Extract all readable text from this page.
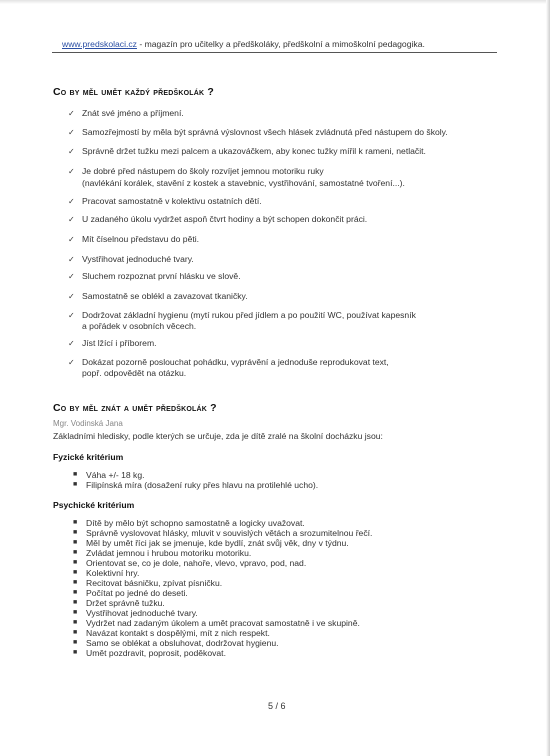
www.predskolaci.cz - magazín pro učitelky a předškoláky, předškolní a mimoškolní pedagogika.
Co by měl umět každý předškolák ?
✓ Znát své jméno a příjmení.
✓ Samozřejmostí by měla být správná výslovnost všech hlásek zvládnutá před nástupem do školy.
✓ Správně držet tužku mezi palcem a ukazováčkem, aby konec tužky mířil k rameni, netlačit.
✓ Je dobré před nástupem do školy rozvíjet jemnou motoriku ruky
(navlékání korálek, stavění z kostek a stavebnic, vystřihování, samostatné tvoření...).
✓ Pracovat samostatně v kolektivu ostatních dětí.
✓ U zadaného úkolu vydržet aspoň čtvrt hodiny a být schopen dokončit práci.
✓ Mít číselnou představu do pěti.
✓ Vystřihovat jednoduché tvary.
✓ Sluchem rozpoznat první hlásku ve slově.
✓ Samostatně se oblékl a zavazovat tkaničky.
✓ Dodržovat základní hygienu (mytí rukou před jídlem a po použití WC, používat kapesník
a pořádek v osobních věcech.
✓ Jíst lžící i příborem.
✓ Dokázat pozorně poslouchat pohádku, vyprávění a jednoduše reprodukovat text,
popř. odpovědět na otázku.
Co by měl znát a umět předškolák ?
Mgr. Vodinská Jana
Základními hledisky, podle kterých se určuje, zda je dítě zralé na školní docházku jsou:
Fyzické kritérium
■ Váha +/- 18 kg.
■ Filipínská míra (dosažení ruky přes hlavu na protilehlé ucho).
Psychické kritérium
■ Dítě by mělo být schopno samostatně a logicky uvažovat.
■ Správně vyslovovat hlásky, mluvit v souvislých větách a srozumitelnou řečí.
■ Měl by umět říci jak se jmenuje, kde bydlí, znát svůj věk, dny v týdnu.
■ Zvládat jemnou i hrubou motoriku motoriku.
■ Orientovat se, co je dole, nahoře, vlevo, vpravo, pod, nad.
■ Kolektivní hry.
■ Recitovat básničku, zpívat písničku.
■ Počítat po jedné do deseti.
■ Držet správně tužku.
■ Vystřihovat jednoduché tvary.
■ Vydržet nad zadaným úkolem a umět pracovat samostatně i ve skupině.
■ Navázat kontakt s dospělými, mít z nich respekt.
■ Samo se oblékat a obsluhovat, dodržovat hygienu.
■ Umět pozdravit, poprosit, poděkovat.
5 / 6
